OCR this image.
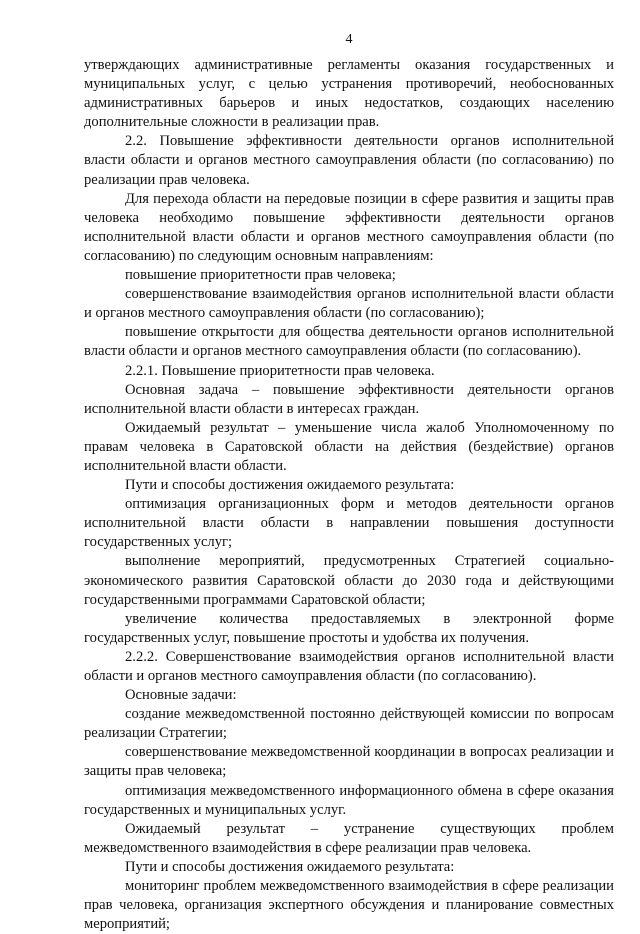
4

утверждающих административные регламенты оказания государственных и муниципальных услуг, с целью устранения противоречий, необоснованных административных барьеров и иных недостатков, создающих населению дополнительные сложности в реализации прав.

2.2. Повышение эффективности деятельности органов исполнительной власти области и органов местного самоуправления области (по согласованию) по реализации прав человека.

Для перехода области на передовые позиции в сфере развития и защиты прав человека необходимо повышение эффективности деятельности органов исполнительной власти области и органов местного самоуправления области (по согласованию) по следующим основным направлениям:

повышение приоритетности прав человека;

совершенствование взаимодействия органов исполнительной власти области и органов местного самоуправления области (по согласованию);

повышение открытости для общества деятельности органов исполнительной власти области и органов местного самоуправления области (по согласованию).

2.2.1. Повышение приоритетности прав человека.

Основная задача – повышение эффективности деятельности органов исполнительной власти области в интересах граждан.

Ожидаемый результат – уменьшение числа жалоб Уполномоченному по правам человека в Саратовской области на действия (бездействие) органов исполнительной власти области.

Пути и способы достижения ожидаемого результата:

оптимизация организационных форм и методов деятельности органов исполнительной власти области в направлении повышения доступности государственных услуг;

выполнение мероприятий, предусмотренных Стратегией социально-экономического развития Саратовской области до 2030 года и действующими государственными программами Саратовской области;

увеличение количества предоставляемых в электронной форме государственных услуг, повышение простоты и удобства их получения.

2.2.2. Совершенствование взаимодействия органов исполнительной власти области и органов местного самоуправления области (по согласованию).

Основные задачи:

создание межведомственной постоянно действующей комиссии по вопросам реализации Стратегии;

совершенствование межведомственной координации в вопросах реализации и защиты прав человека;

оптимизация межведомственного информационного обмена в сфере оказания государственных и муниципальных услуг.

Ожидаемый результат – устранение существующих проблем межведомственного взаимодействия в сфере реализации прав человека.

Пути и способы достижения ожидаемого результата:

мониторинг проблем межведомственного взаимодействия в сфере реализации прав человека, организация экспертного обсуждения и планирование совместных мероприятий;
